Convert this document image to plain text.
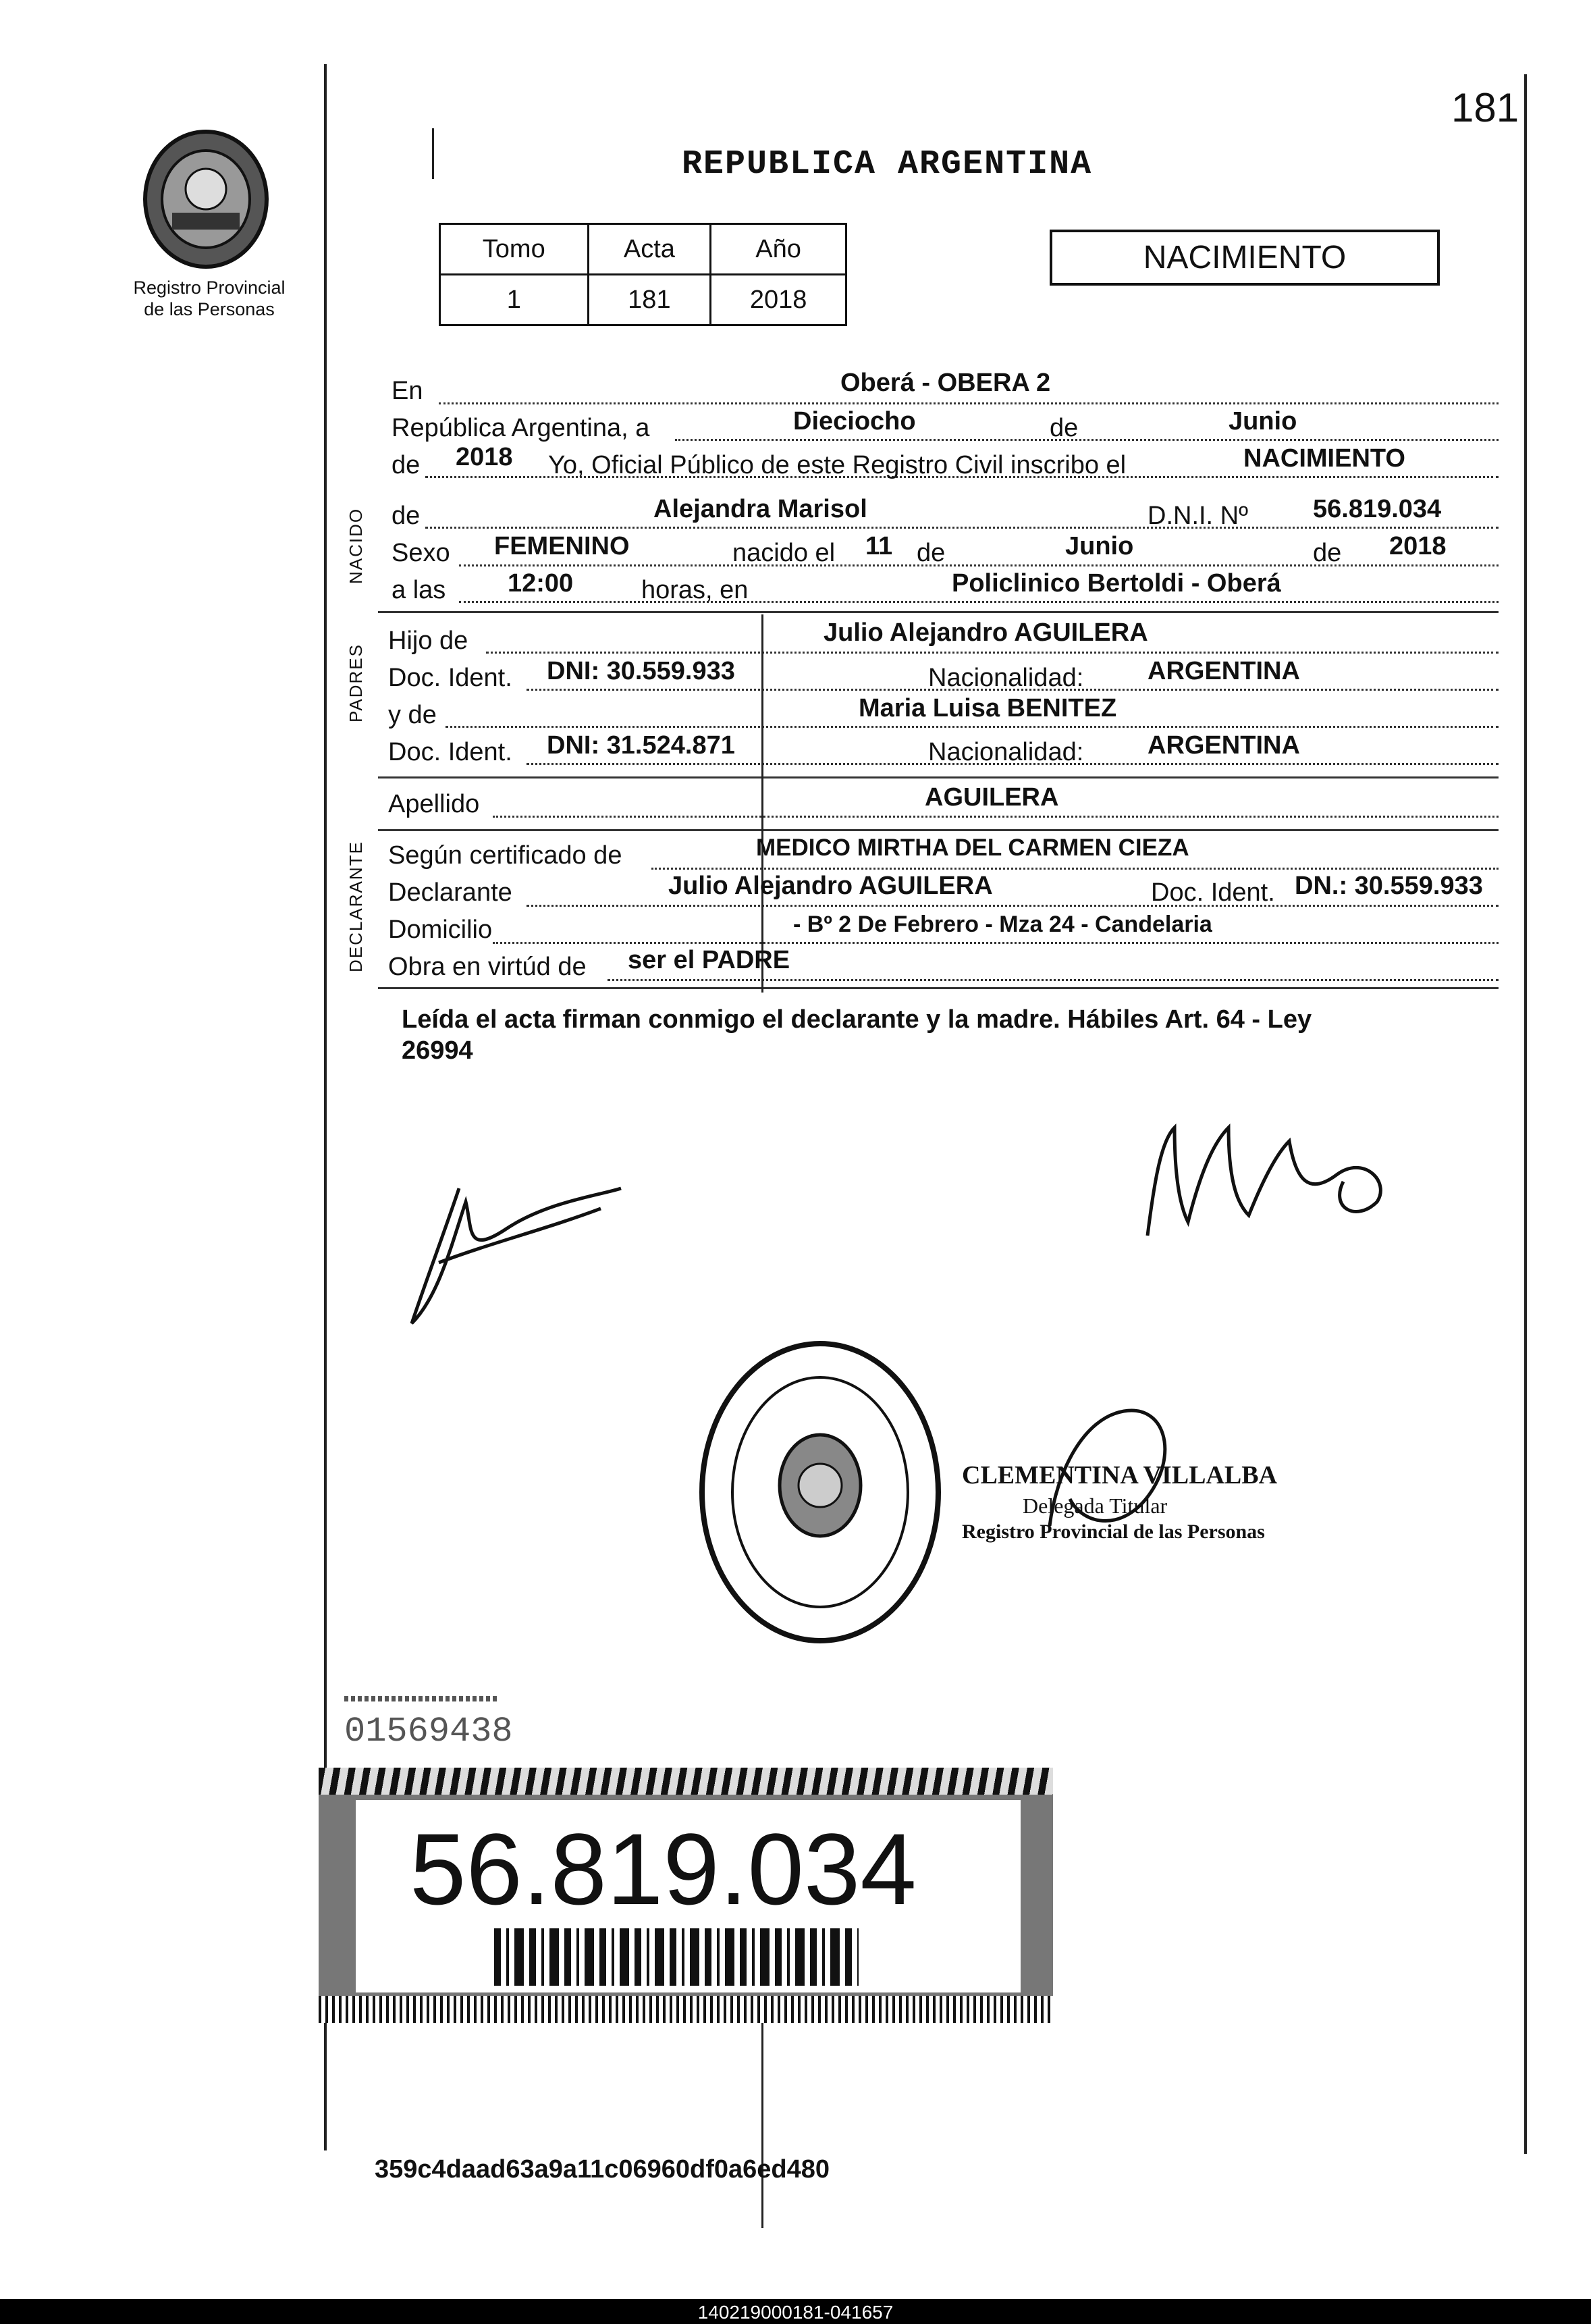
181
Registro Provincial
de las Personas
REPUBLICA ARGENTINA
Tomo	Acta	Año
1	181	2018
NACIMIENTO
NACIDO
PADRES
DECLARANTE
En	Oberá - OBERA 2
República Argentina, a	Dieciocho	de	Junio
de 2018 Yo, Oficial Público de este Registro Civil inscribo el	NACIMIENTO
de	Alejandra Marisol	D.N.I. Nº	56.819.034
Sexo FEMENINO	nacido el 11 de	Junio	de 2018
a las 12:00	horas, en	Policlinico Bertoldi - Oberá
Hijo de	Julio Alejandro AGUILERA
Doc. Ident. DNI: 30.559.933	Nacionalidad: ARGENTINA
y de	Maria Luisa BENITEZ
Doc. Ident. DNI: 31.524.871	Nacionalidad: ARGENTINA
Apellido	AGUILERA
Según certificado de	MEDICO MIRTHA DEL CARMEN CIEZA
Declarante	Julio Alejandro AGUILERA	Doc. Ident. DN.: 30.559.933
Domicilio	- Bº 2 De Febrero - Mza 24 - Candelaria
Obra en virtúd de ser el PADRE
Leída el acta firman conmigo el declarante y la madre. Hábiles Art. 64 - Ley
26994
CLEMENTINA VILLALBA
Delegada Titular
Registro Provincial de las Personas
01569438
56.819.034
359c4daad63a9a11c06960df0a6ed480
140219000181-041657
